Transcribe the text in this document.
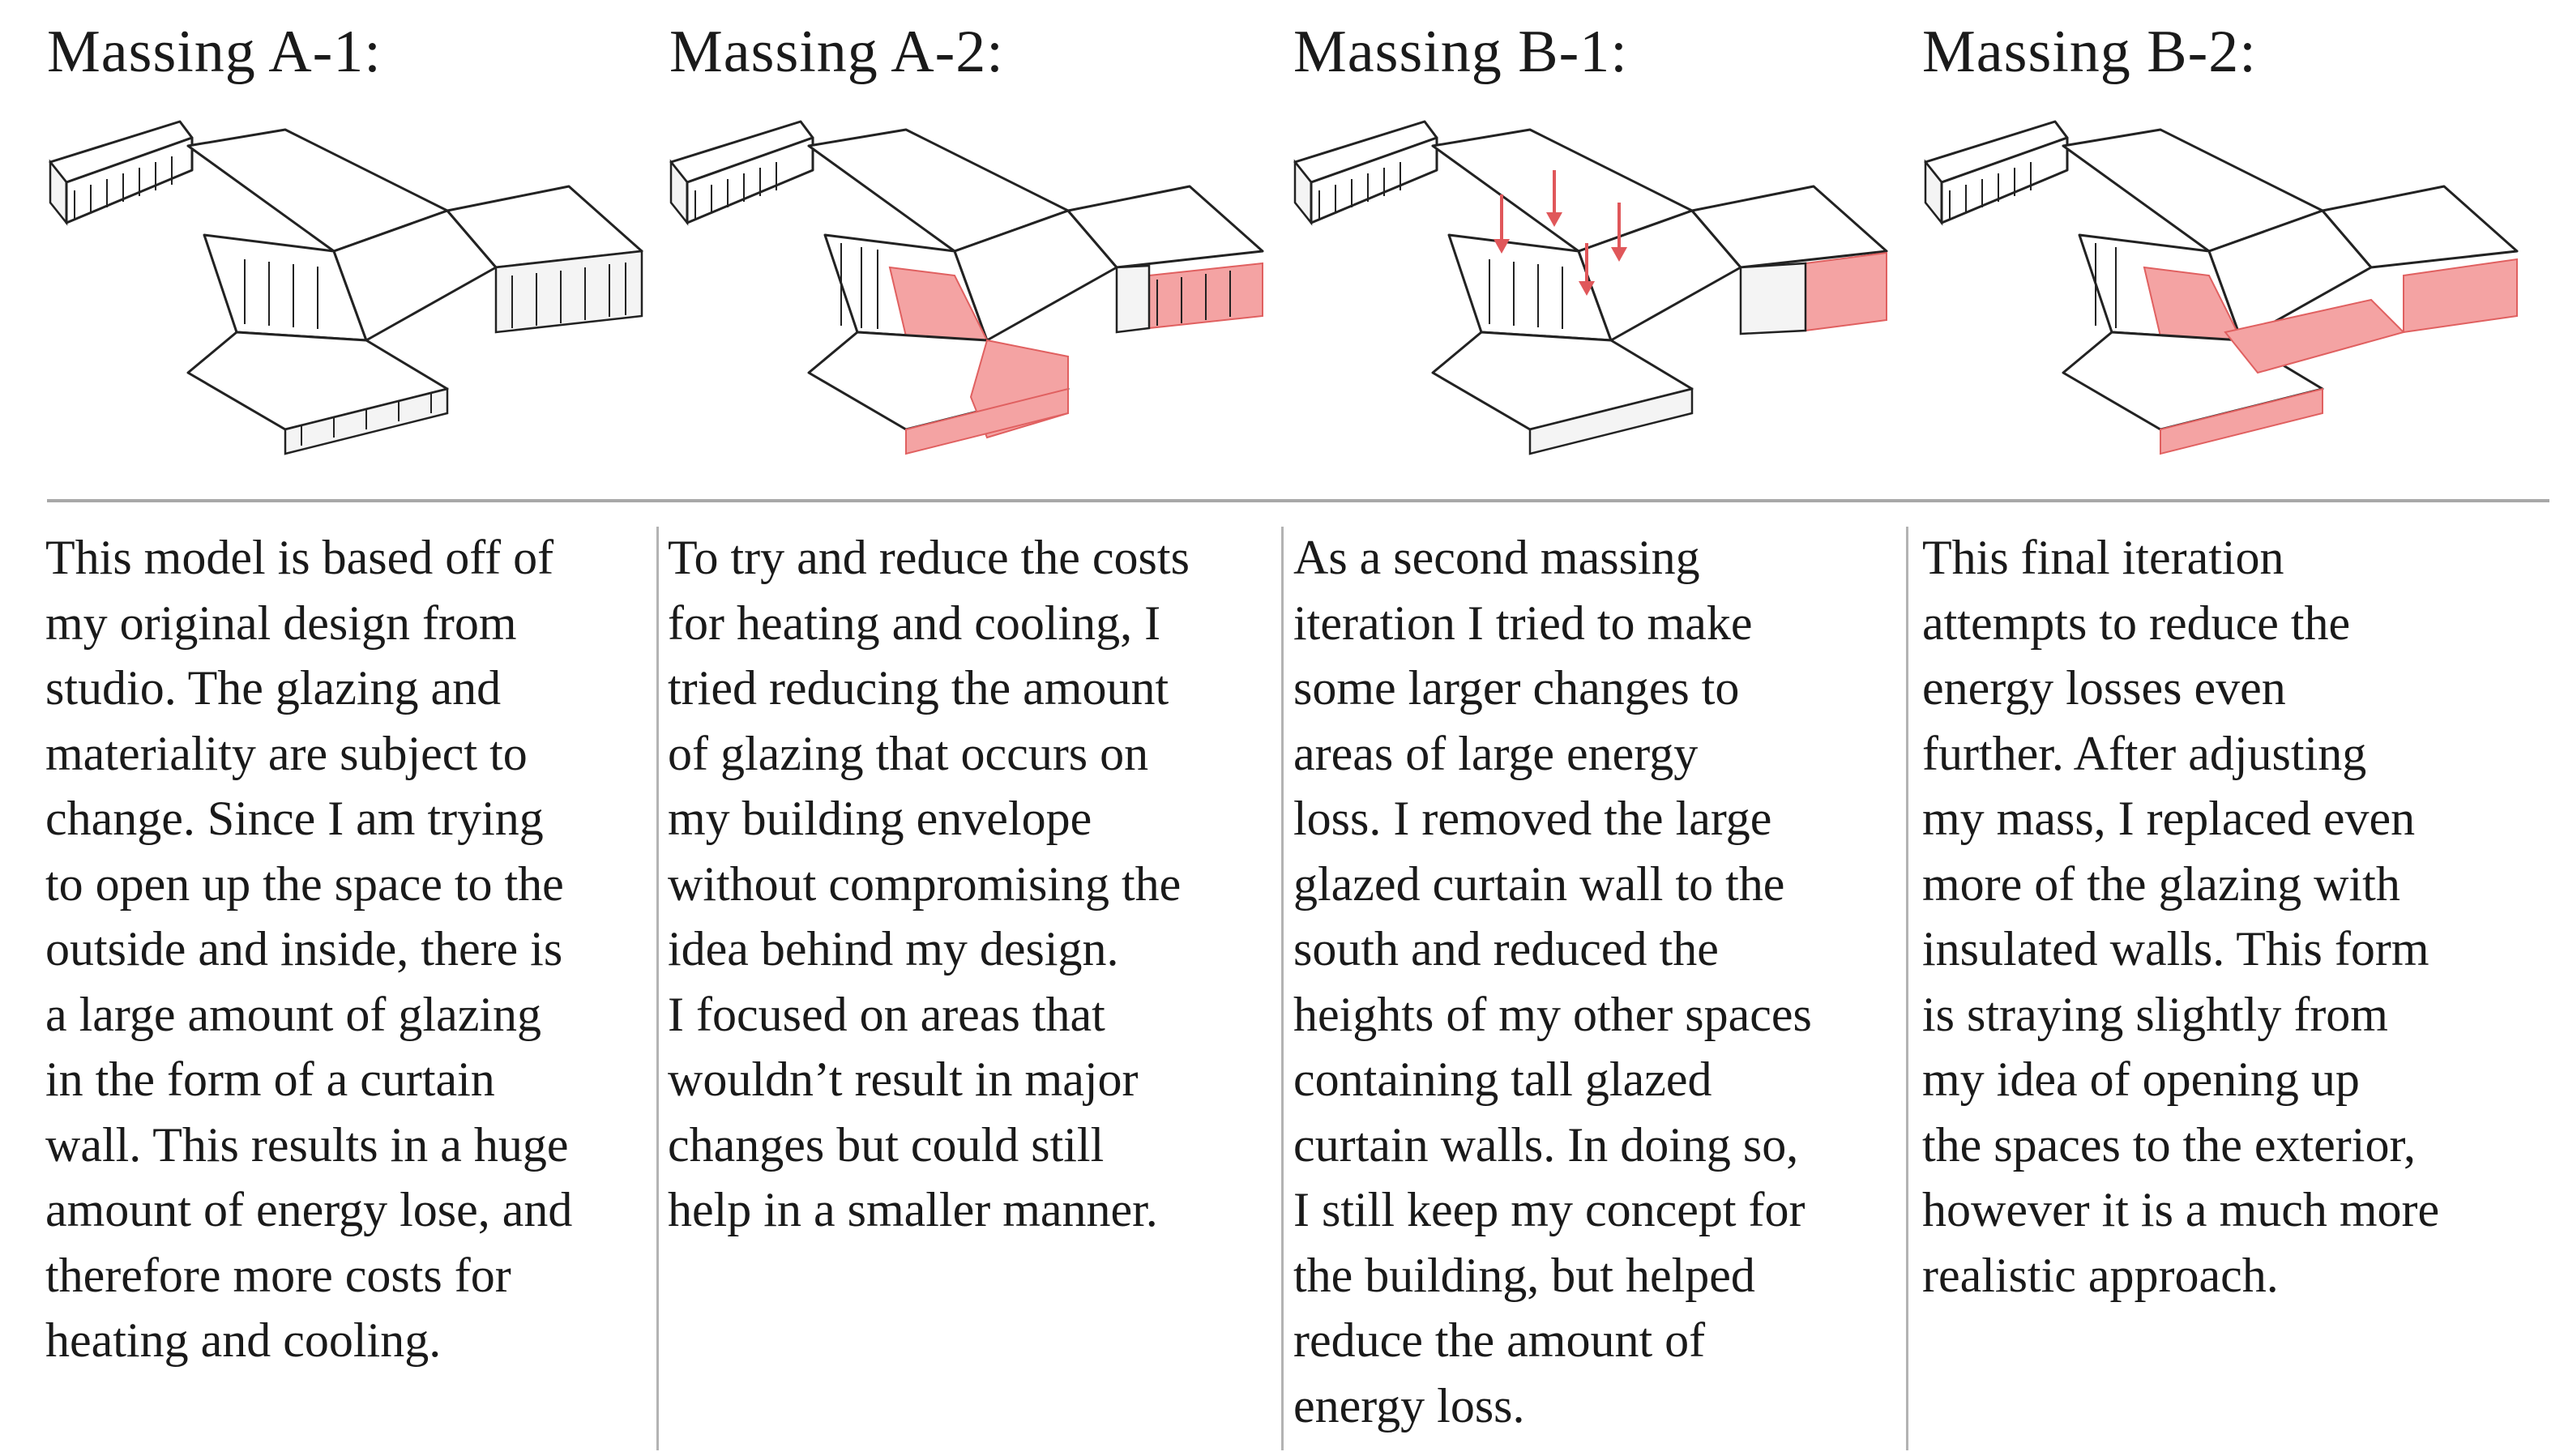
Massing A-1:	Massing A-2:	Massing B-1:	Massing B-2:
This model is based off of
my original design from
studio. The glazing and
materiality are subject to
change. Since I am trying
to open up the space to the
outside and inside, there is
a large amount of glazing
in the form of a curtain
wall. This results in a huge
amount of energy lose, and
therefore more costs for
heating and cooling.
To try and reduce the costs
for heating and cooling, I
tried reducing the amount
of glazing that occurs on
my building envelope
without compromising the
idea behind my design.
I focused on areas that
wouldn’t result in major
changes but could still
help in a smaller manner.
As a second massing
iteration I tried to make
some larger changes to
areas of large energy
loss. I removed the large
glazed curtain wall to the
south and reduced the
heights of my other spaces
containing tall glazed
curtain walls. In doing so,
I still keep my concept for
the building, but helped
reduce the amount of
energy loss.
This final iteration
attempts to reduce the
energy losses even
further. After adjusting
my mass, I replaced even
more of the glazing with
insulated walls. This form
is straying slightly from
my idea of opening up
the spaces to the exterior,
however it is a much more
realistic approach.
